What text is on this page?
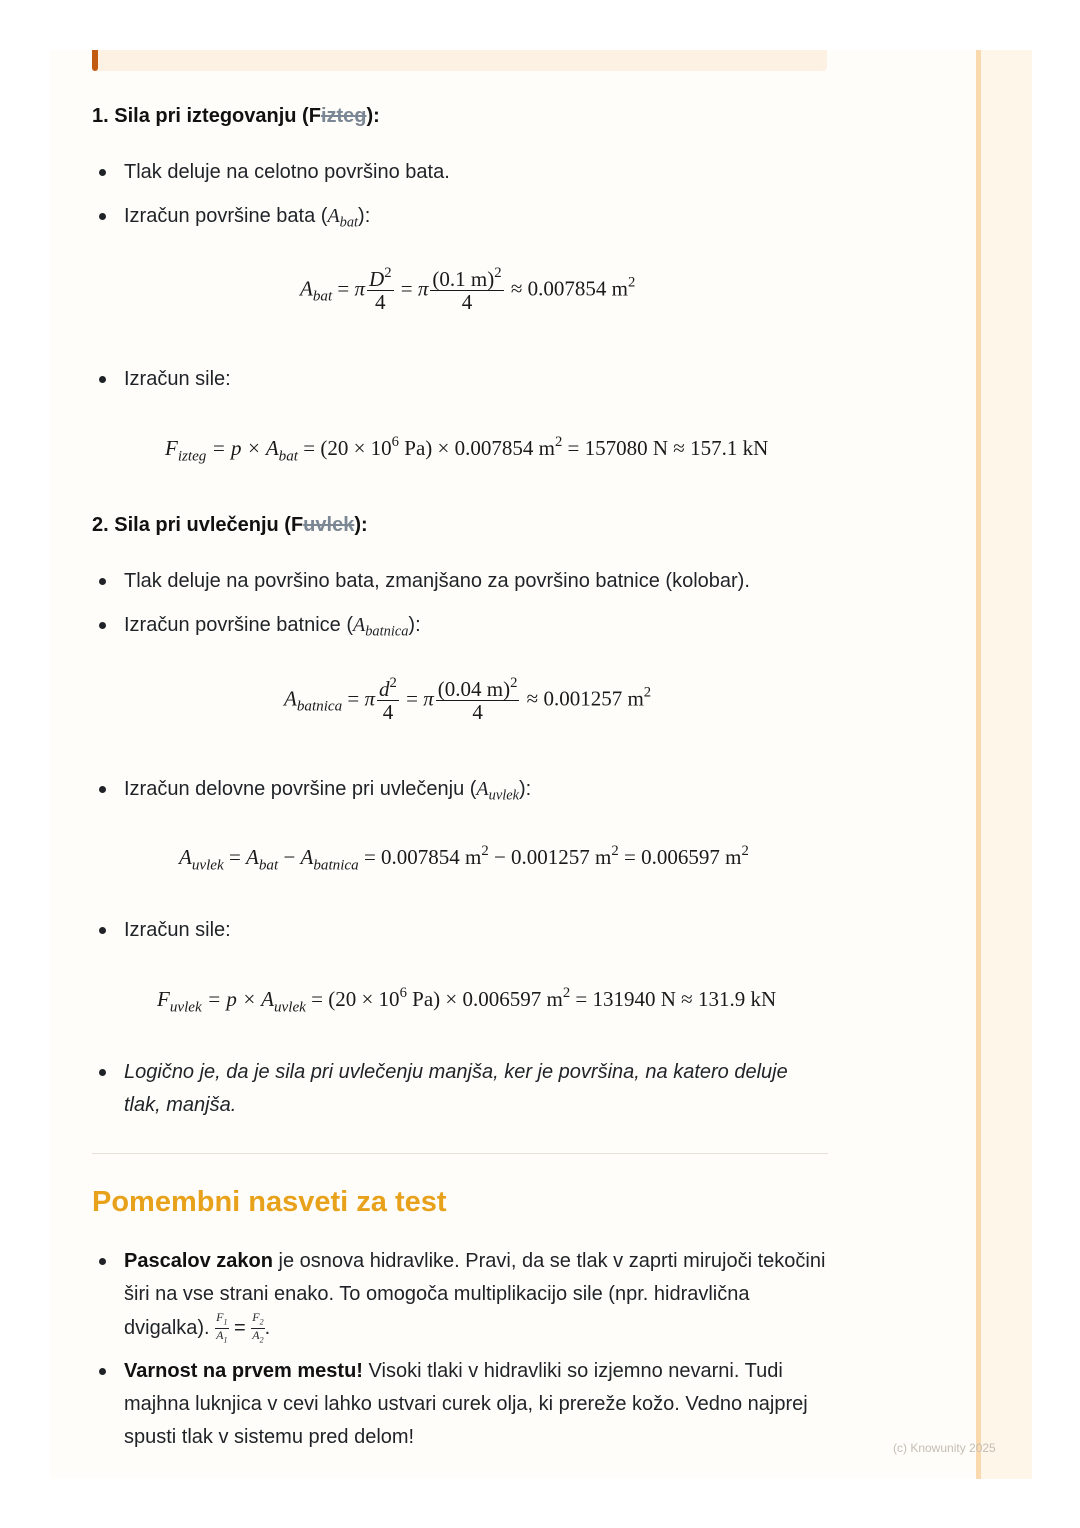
1. Sila pri iztegovanju (Fizteg):
Tlak deluje na celotno površino bata.
Izračun površine bata $(A_{bat})$:
$A_{bat} = \pi \frac{D^2}{4} = \pi \frac{(0.1 m)^2}{4} \approx 0.007854$ $m^2$
Izračun sile:
$F_{izteg} = p \times A_{bat} = (20 \times 10^6$ Pa) × 0.007854 $m^2 = 157080$ N ≈ 157.1 kN
2. Sila pri uvlečenju (Fuvlek):
Tlak deluje na površino bata, zmanjšano za površino batnice (kolobar).
Izračun površine batnice $(A_{batnica})$:
$A_{batnica} = \pi \frac{d^2}{4} = \pi \frac{(0.04 m)^2}{4} \approx 0.001257$ $m^2$
Izračun delovne površine pri uvlečenju $(A_{uvlek})$:
$A_{uvlek} = A_{bat} - A_{batnica} = 0.007854$ $m^2 - 0.001257$ $m^2 = 0.006597$ $m^2$
Izračun sile:
$F_{uvlek} = p \times A_{uvlek} = (20 \times 10^6$ Pa) × 0.006597 $m^2 = 131940$ N ≈ 131.9 kN
Logično je, da je sila pri uvlečenju manjša, ker je površina, na katero deluje tlak, manjša.
Pomembni nasveti za test
Pascalov zakon je osnova hidravlike. Pravi, da se tlak v zaprti mirujoči tekočini širi na vse strani enako. To omogoča multiplikacijo sile (npr. hidravlična dvigalka). $\frac{F_1}{A_1} = \frac{F_2}{A_2}$ .
Varnost na prvem mestu! Visoki tlaki v hidravliki so izjemno nevarni. Tudi majhna luknjica v cevi lahko ustvari curek olja, ki prereže kožo. Vedno najprej spusti tlak v sistemu pred delom!	(c) Knowunity 2025
